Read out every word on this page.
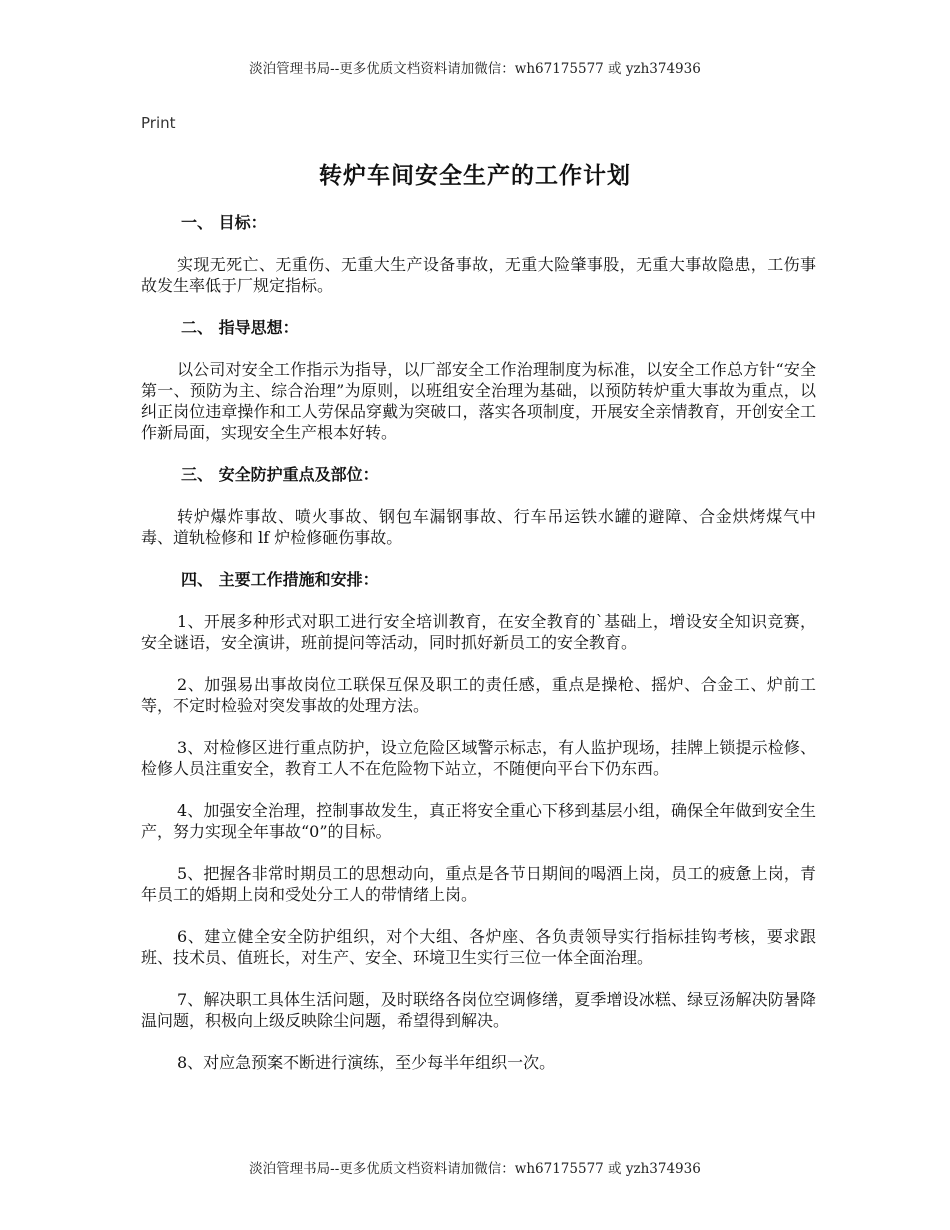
淡泊管理书局--更多优质文档资料请加微信：wh67175577 或 yzh374936
Print
转炉车间安全生产的工作计划

一、 目标：

实现无死亡、无重伤、无重大生产设备事故，无重大险肇事股，无重大事故隐患，工伤事故发生率低于厂规定指标。

二、 指导思想：

以公司对安全工作指示为指导，以厂部安全工作治理制度为标准，以安全工作总方针“安全第一、预防为主、综合治理”为原则，以班组安全治理为基础，以预防转炉重大事故为重点，以纠正岗位违章操作和工人劳保品穿戴为突破口，落实各项制度，开展安全亲情教育，开创安全工作新局面，实现安全生产根本好转。

三、 安全防护重点及部位：

转炉爆炸事故、喷火事故、钢包车漏钢事故、行车吊运铁水罐的避障、合金烘烤煤气中毒、道轨检修和 lf 炉检修砸伤事故。

四、 主要工作措施和安排：

1、开展多种形式对职工进行安全培训教育，在安全教育的`基础上，增设安全知识竞赛，安全谜语，安全演讲，班前提问等活动，同时抓好新员工的安全教育。

2、加强易出事故岗位工联保互保及职工的责任感，重点是操枪、摇炉、合金工、炉前工等，不定时检验对突发事故的处理方法。

3、对检修区进行重点防护，设立危险区域警示标志，有人监护现场，挂牌上锁提示检修、检修人员注重安全，教育工人不在危险物下站立，不随便向平台下仍东西。

4、加强安全治理，控制事故发生，真正将安全重心下移到基层小组，确保全年做到安全生产，努力实现全年事故“0”的目标。

5、把握各非常时期员工的思想动向，重点是各节日期间的喝酒上岗，员工的疲惫上岗，青年员工的婚期上岗和受处分工人的带情绪上岗。

6、建立健全安全防护组织，对个大组、各炉座、各负责领导实行指标挂钩考核，要求跟班、技术员、值班长，对生产、安全、环境卫生实行三位一体全面治理。

7、解决职工具体生活问题，及时联络各岗位空调修缮，夏季增设冰糕、绿豆汤解决防暑降温问题，积极向上级反映除尘问题，希望得到解决。

8、对应急预案不断进行演练，至少每半年组织一次。

淡泊管理书局--更多优质文档资料请加微信：wh67175577 或 yzh374936
